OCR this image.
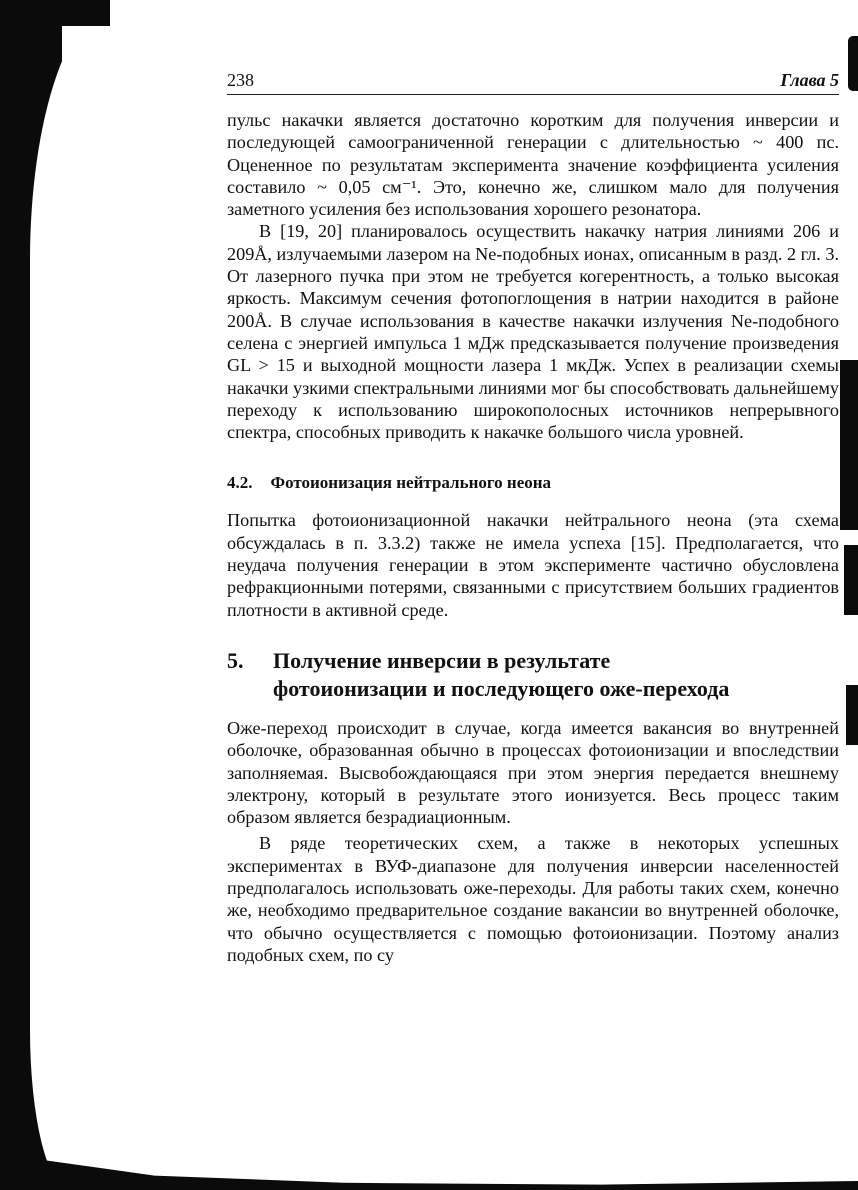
238	Глава 5

пульс накачки является достаточно коротким для получения инверсии и последующей самоограниченной генерации с длительностью ~ 400 пс. Оцененное по результатам эксперимента значение коэффициента усиления составило ~ 0,05 см⁻¹. Это, конечно же, слишком мало для получения заметного усиления без использования хорошего резонатора.

В [19, 20] планировалось осуществить накачку натрия линиями 206 и 209Å, излучаемыми лазером на Ne-подобных ионах, описанным в разд. 2 гл. 3. От лазерного пучка при этом не требуется когерентность, а только высокая яркость. Максимум сечения фотопоглощения в натрии находится в районе 200Å. В случае использования в качестве накачки излучения Ne-подобного селена с энергией импульса 1 мДж предсказывается получение произведения GL > 15 и выходной мощности лазера 1 мкДж. Успех в реализации схемы накачки узкими спектральными линиями мог бы способствовать дальнейшему переходу к использованию широкополосных источников непрерывного спектра, способных приводить к накачке большого числа уровней.

4.2. Фотоионизация нейтрального неона

Попытка фотоионизационной накачки нейтрального неона (эта схема обсуждалась в п. 3.3.2) также не имела успеха [15]. Предполагается, что неудача получения генерации в этом эксперименте частично обусловлена рефракционными потерями, связанными с присутствием больших градиентов плотности в активной среде.

5.	Получение инверсии в результате
фотоионизации и последующего оже-перехода

Оже-переход происходит в случае, когда имеется вакансия во внутренней оболочке, образованная обычно в процессах фотоионизации и впоследствии заполняемая. Высвобождающаяся при этом энергия передается внешнему электрону, который в результате этого ионизуется. Весь процесс таким образом является безрадиационным.

В ряде теоретических схем, а также в некоторых успешных экспериментах в ВУФ-диапазоне для получения инверсии населенностей предполагалось использовать оже-переходы. Для работы таких схем, конечно же, необходимо предварительное создание вакансии во внутренней оболочке, что обычно осуществляется с помощью фотоионизации. Поэтому анализ подобных схем, по су
